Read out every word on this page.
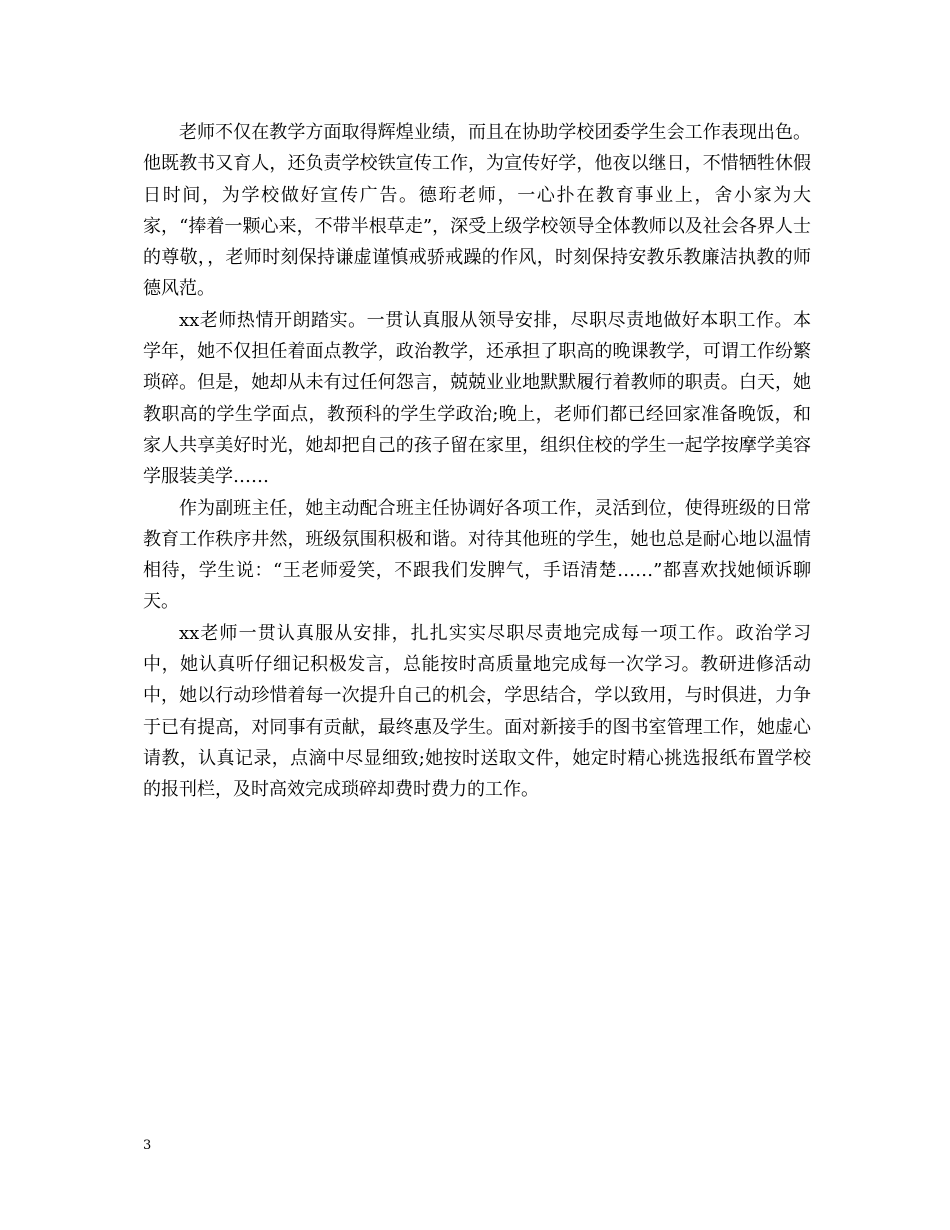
老师不仅在教学方面取得辉煌业绩，而且在协助学校团委学生会工作表现出色。他既教书又育人，还负责学校铁宣传工作，为宣传好学，他夜以继日，不惜牺牲休假日时间，为学校做好宣传广告。德珩老师，一心扑在教育事业上，舍小家为大家，“捧着一颗心来，不带半根草走”，深受上级学校领导全体教师以及社会各界人士的尊敬，，老师时刻保持谦虚谨慎戒骄戒躁的作风，时刻保持安教乐教廉洁执教的师德风范。

xx老师热情开朗踏实。一贯认真服从领导安排，尽职尽责地做好本职工作。本学年，她不仅担任着面点教学，政治教学，还承担了职高的晚课教学，可谓工作纷繁琐碎。但是，她却从未有过任何怨言，兢兢业业地默默履行着教师的职责。白天，她教职高的学生学面点，教预科的学生学政治;晚上，老师们都已经回家准备晚饭，和家人共享美好时光，她却把自己的孩子留在家里，组织住校的学生一起学按摩学美容学服装美学……

作为副班主任，她主动配合班主任协调好各项工作，灵活到位，使得班级的日常教育工作秩序井然，班级氛围积极和谐。对待其他班的学生，她也总是耐心地以温情相待，学生说：“王老师爱笑，不跟我们发脾气，手语清楚……”都喜欢找她倾诉聊天。

xx老师一贯认真服从安排，扎扎实实尽职尽责地完成每一项工作。政治学习中，她认真听仔细记积极发言，总能按时高质量地完成每一次学习。教研进修活动中，她以行动珍惜着每一次提升自己的机会，学思结合，学以致用，与时俱进，力争于已有提高，对同事有贡献，最终惠及学生。面对新接手的图书室管理工作，她虚心请教，认真记录，点滴中尽显细致;她按时送取文件，她定时精心挑选报纸布置学校的报刊栏，及时高效完成琐碎却费时费力的工作。

3
